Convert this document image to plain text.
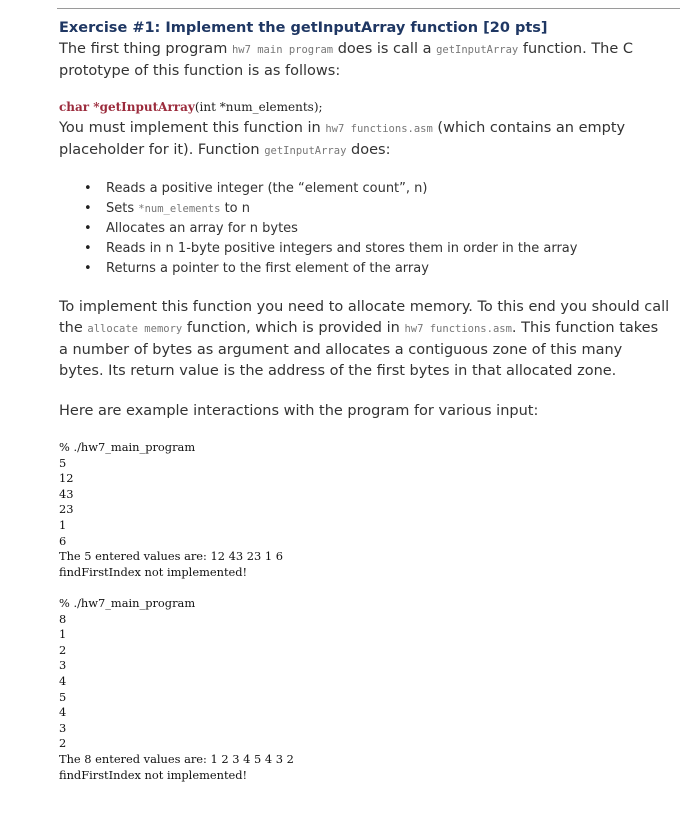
Exercise #1: Implement the getInputArray function [20 pts]

The first thing program hw7 main program does is call a getInputArray function. The C prototype of this function is as follows:

char *getInputArray(int *num_elements);

You must implement this function in hw7 functions.asm (which contains an empty placeholder for it). Function getInputArray does:

• Reads a positive integer (the “element count”, n)
• Sets *num_elements to n
• Allocates an array for n bytes
• Reads in n 1-byte positive integers and stores them in order in the array
• Returns a pointer to the first element of the array

To implement this function you need to allocate memory. To this end you should call the allocate memory function, which is provided in hw7 functions.asm. This function takes a number of bytes as argument and allocates a contiguous zone of this many bytes. Its return value is the address of the first bytes in that allocated zone.

Here are example interactions with the program for various input:

% ./hw7_main_program
5
12
43
23
1
6
The 5 entered values are: 12 43 23 1 6
findFirstIndex not implemented!
% ./hw7_main_program
8
1
2
3
4
5
4
3
2
The 8 entered values are: 1 2 3 4 5 4 3 2
findFirstIndex not implemented!
